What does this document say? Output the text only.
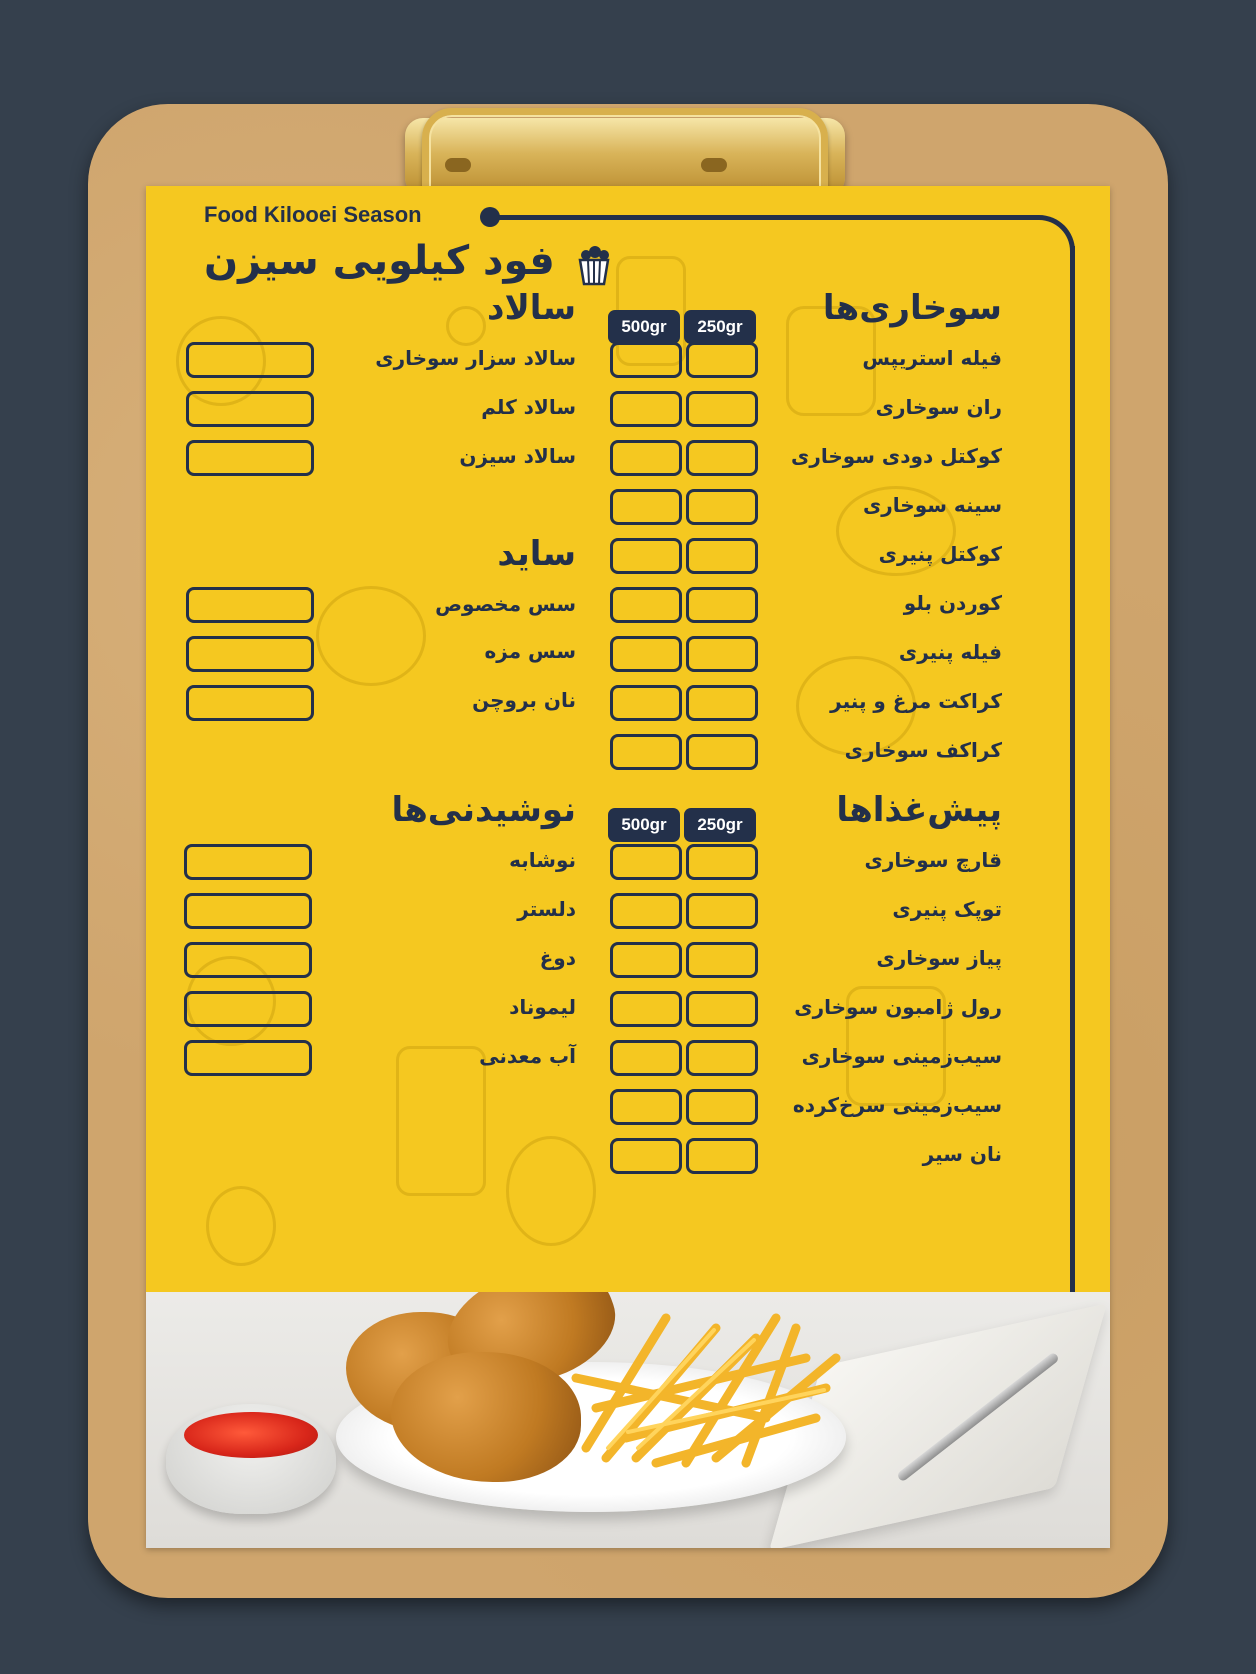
Food Kilooei Season
فود کیلویی سیزن
250gr
500gr
250gr
500gr
سوخاری‌ها
فیله استریپس
ران سوخاری
کوکتل دودی سوخاری
سینه سوخاری
کوکتل پنیری
کوردن بلو
فیله پنیری
کراکت مرغ و پنیر
کراکف سوخاری
پیش‌غذاها
قارچ سوخاری
توپک پنیری
پیاز سوخاری
رول ژامبون سوخاری
سیب‌زمینی سوخاری
سیب‌زمینی سرخ‌کرده
نان سیر
سالاد
سالاد سزار سوخاری
سالاد کلم
سالاد سیزن
ساید
سس مخصوص
سس مزه
نان بروچن
نوشیدنی‌ها
نوشابه
دلستر
دوغ
لیموناد
آب معدنی
